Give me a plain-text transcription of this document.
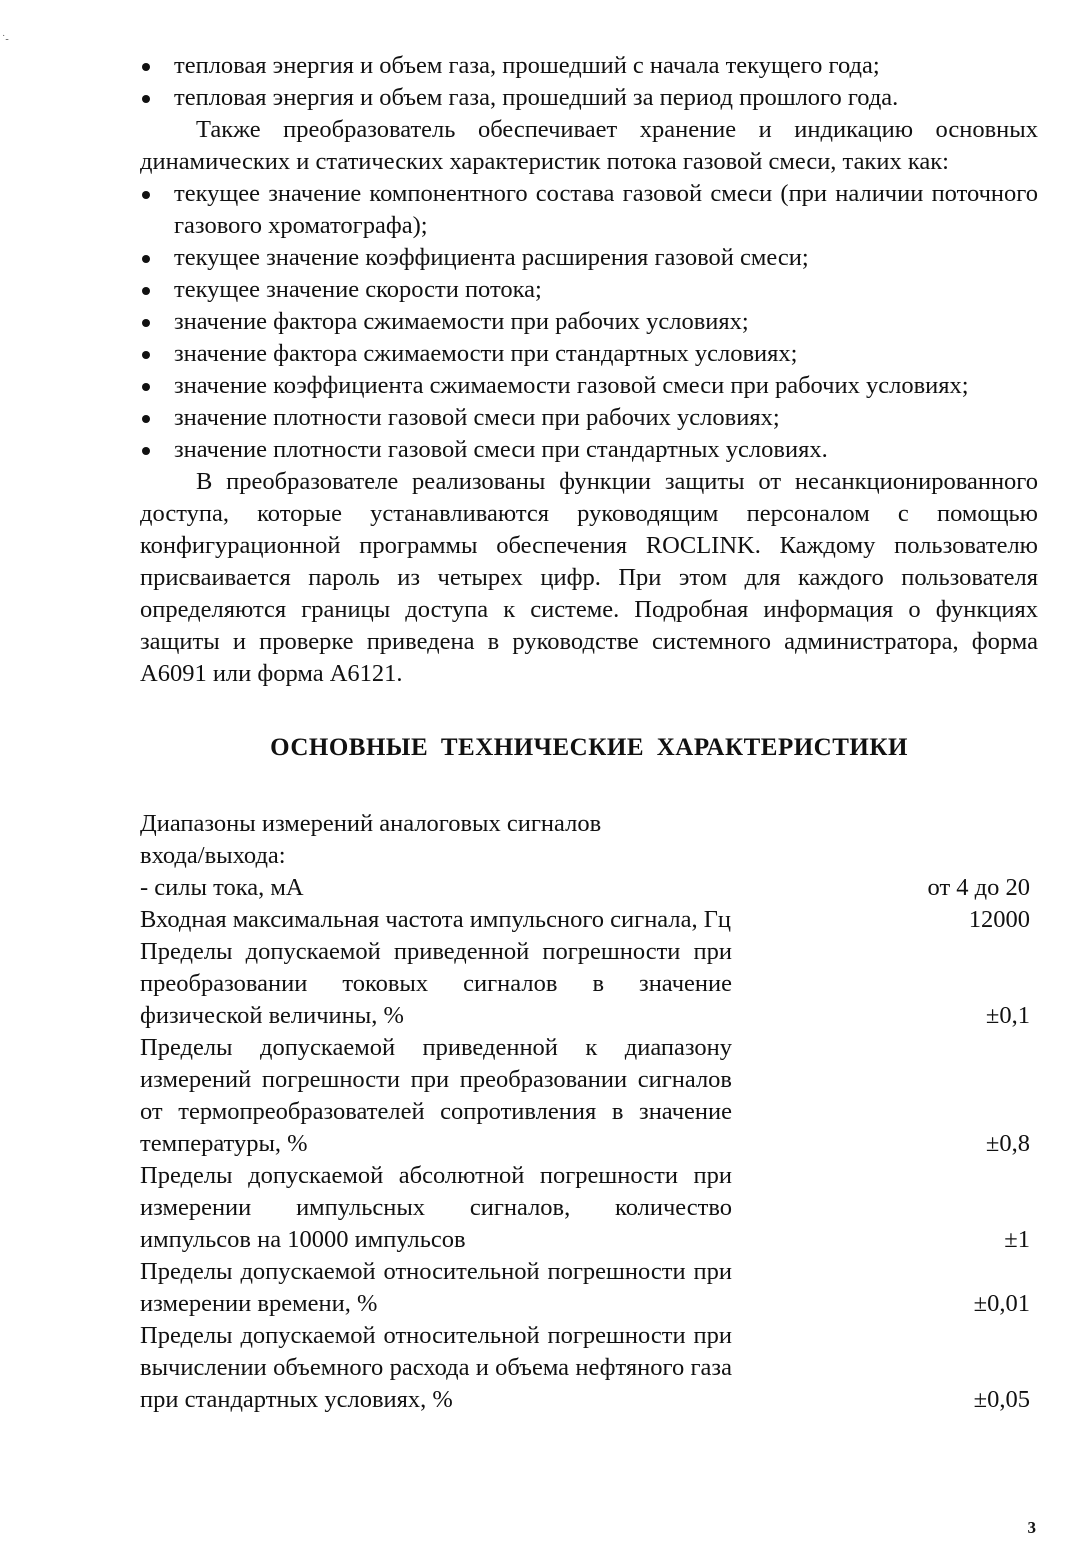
˙-
тепловая энергия и объем газа, прошедший с начала текущего года;
тепловая энергия и объем газа, прошедший за период прошлого года.

Также преобразователь обеспечивает хранение и индикацию основных динамических и статических характеристик потока газовой смеси, таких как:

текущее значение компонентного состава газовой смеси (при наличии поточного газового хроматографа);
текущее значение коэффициента расширения газовой смеси;
текущее значение скорости потока;
значение фактора сжимаемости при рабочих условиях;
значение фактора сжимаемости при стандартных условиях;
значение коэффициента сжимаемости газовой смеси при рабочих условиях;
значение плотности газовой смеси при рабочих условиях;
значение плотности газовой смеси при стандартных условиях.

В преобразователе реализованы функции защиты от несанкционированного доступа, которые устанавливаются руководящим персоналом с помощью конфигурационной программы обеспечения ROCLINK. Каждому пользователю присваивается пароль из четырех цифр. При этом для каждого пользователя определяются границы доступа к системе. Подробная информация о функциях защиты и проверке приведена в руководстве системного администратора, форма А6091 или форма А6121.

ОСНОВНЫЕ ТЕХНИЧЕСКИЕ ХАРАКТЕРИСТИКИ
Диапазоны измерений аналоговых сигналов входа/выхода:
- силы тока, мА	от 4 до 20
Входная максимальная частота импульсного сигнала, Гц	12000
Пределы допускаемой приведенной погрешности при преобразовании токовых сигналов в значение физической величины, %	±0,1
Пределы допускаемой приведенной к диапазону измерений погрешности при преобразовании сигналов от термопреобразователей сопротивления в значение температуры, %	±0,8
Пределы допускаемой абсолютной погрешности при измерении импульсных сигналов, количество импульсов на 10000 импульсов	±1
Пределы допускаемой относительной погрешности при измерении времени, %	±0,01
Пределы допускаемой относительной погрешности при вычислении объемного расхода и объема нефтяного газа при стандартных условиях, %	±0,05
3
